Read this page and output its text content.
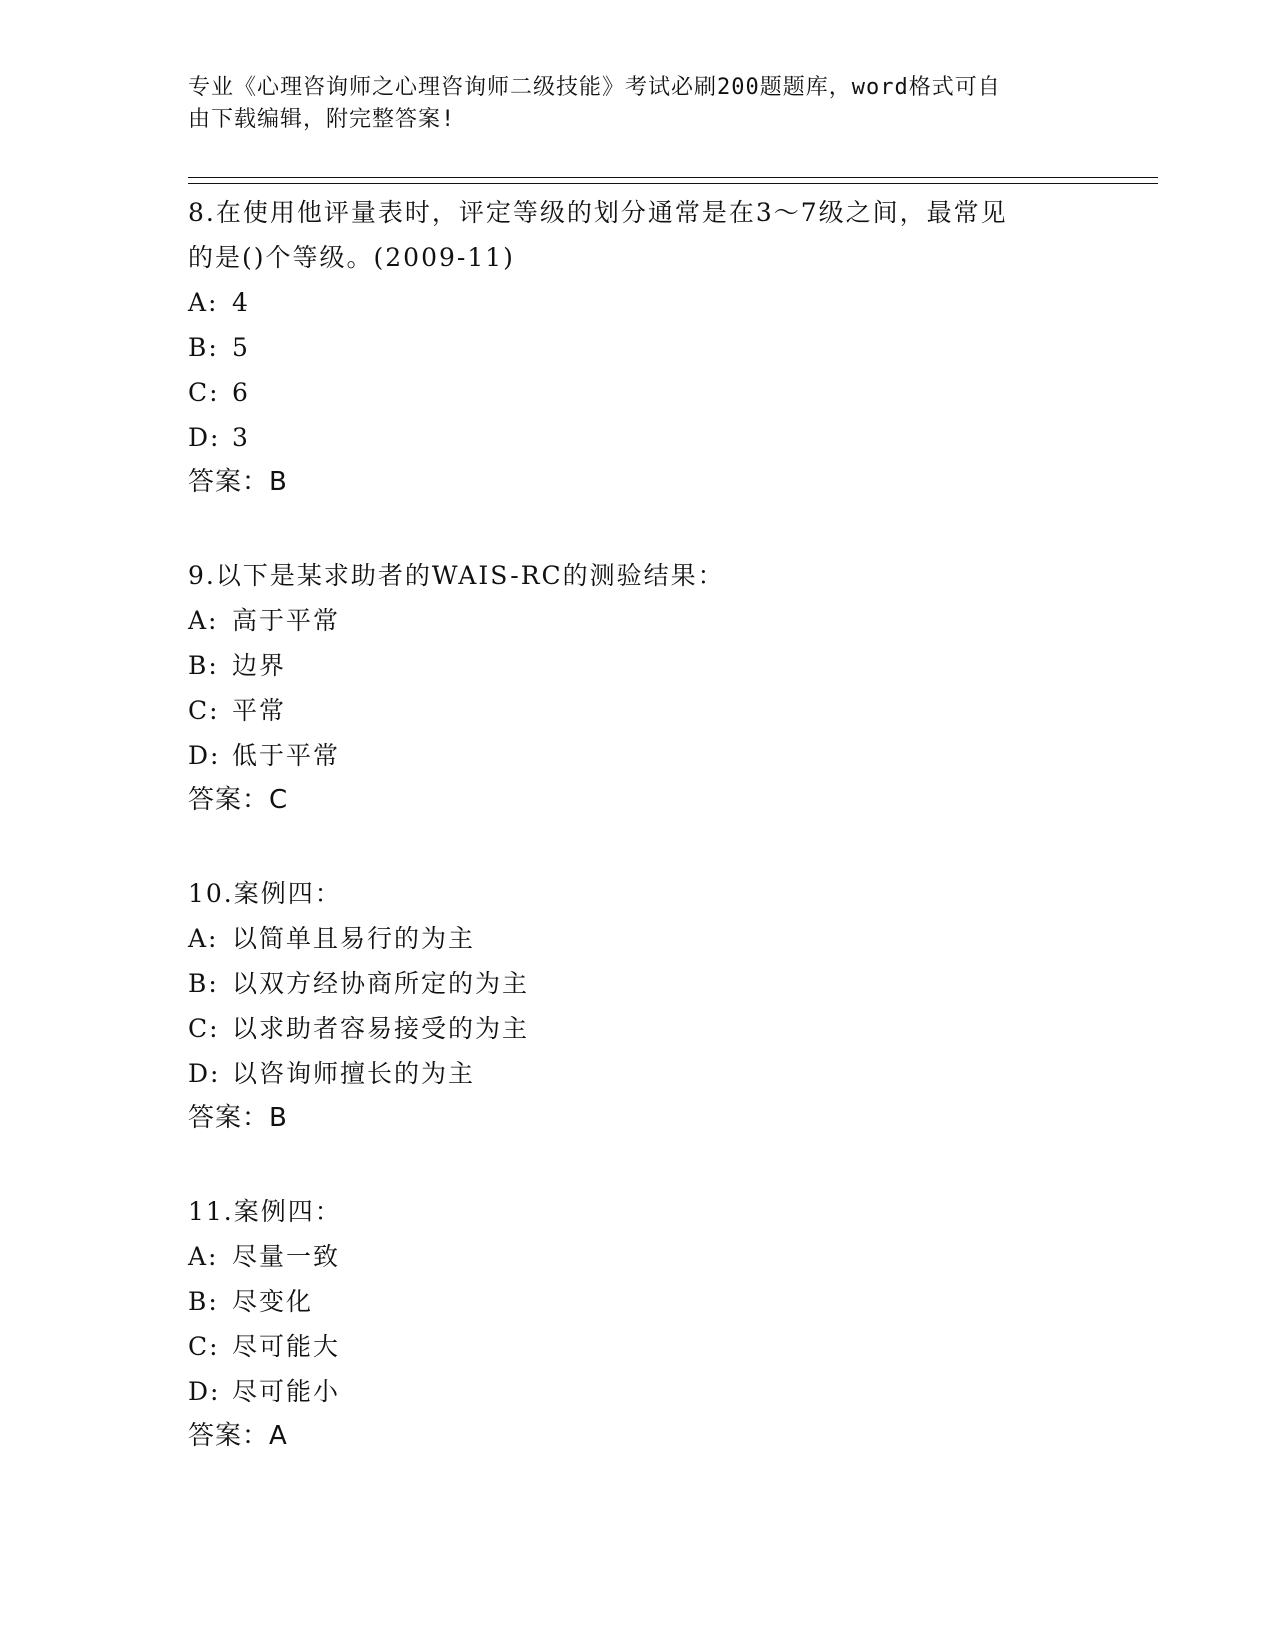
专业《心理咨询师之心理咨询师二级技能》考试必刷200题题库，word格式可自
由下载编辑，附完整答案!
8.在使用他评量表时，评定等级的划分通常是在3～7级之间，最常见
的是()个等级。(2009-11)
A: 4
B: 5
C: 6
D: 3
答案：B
9.以下是某求助者的WAIS-RC的测验结果：
A: 高于平常
B: 边界
C: 平常
D: 低于平常
答案：C
10.案例四：
A: 以简单且易行的为主
B: 以双方经协商所定的为主
C: 以求助者容易接受的为主
D: 以咨询师擅长的为主
答案：B
11.案例四：
A: 尽量一致
B: 尽变化
C: 尽可能大
D: 尽可能小
答案：A
